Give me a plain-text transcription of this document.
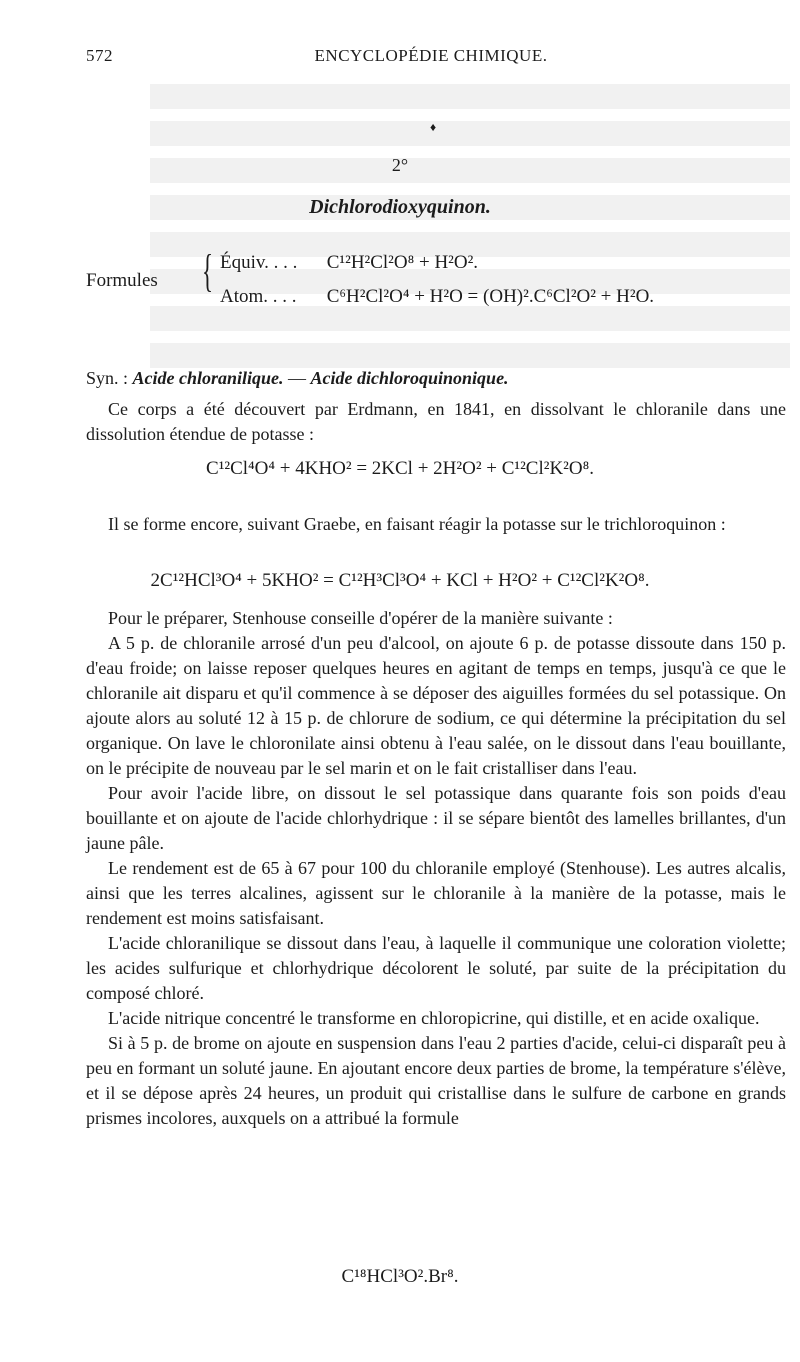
ENCYCLOPÉDIE CHIMIQUE.
572
♦
2°
Dichlorodioxyquinon.
Formules { Équiv. . . . C¹²H²Cl²O⁸ + H²O².
Atom. . . . C⁶H²Cl²O⁴ + H²O = (OH)².C⁶Cl²O² + H²O.
Syn. : Acide chloranilique. — Acide dichloroquinonique.

Ce corps a été découvert par Erdmann, en 1841, en dissolvant le chloranile dans une dissolution étendue de potasse :

C¹²Cl⁴O⁴ + 4KHO² = 2KCl + 2H²O² + C¹²Cl²K²O⁸.

Il se forme encore, suivant Graebe, en faisant réagir la potasse sur le trichloroquinon :

2C¹²HCl³O⁴ + 5KHO² = C¹²H³Cl³O⁴ + KCl + H²O² + C¹²Cl²K²O⁸.

Pour le préparer, Stenhouse conseille d'opérer de la manière suivante :

A 5 p. de chloranile arrosé d'un peu d'alcool, on ajoute 6 p. de potasse dissoute dans 150 p. d'eau froide; on laisse reposer quelques heures en agitant de temps en temps, jusqu'à ce que le chloranile ait disparu et qu'il commence à se déposer des aiguilles formées du sel potassique. On ajoute alors au soluté 12 à 15 p. de chlorure de sodium, ce qui détermine la précipitation du sel organique. On lave le chloronilate ainsi obtenu à l'eau salée, on le dissout dans l'eau bouillante, on le précipite de nouveau par le sel marin et on le fait cristalliser dans l'eau.

Pour avoir l'acide libre, on dissout le sel potassique dans quarante fois son poids d'eau bouillante et on ajoute de l'acide chlorhydrique : il se sépare bientôt des lamelles brillantes, d'un jaune pâle.

Le rendement est de 65 à 67 pour 100 du chloranile employé (Stenhouse). Les autres alcalis, ainsi que les terres alcalines, agissent sur le chloranile à la manière de la potasse, mais le rendement est moins satisfaisant.

L'acide chloranilique se dissout dans l'eau, à laquelle il communique une coloration violette; les acides sulfurique et chlorhydrique décolorent le soluté, par suite de la précipitation du composé chloré.

L'acide nitrique concentré le transforme en chloropicrine, qui distille, et en acide oxalique.

Si à 5 p. de brome on ajoute en suspension dans l'eau 2 parties d'acide, celui-ci disparaît peu à peu en formant un soluté jaune. En ajoutant encore deux parties de brome, la température s'élève, et il se dépose après 24 heures, un produit qui cristallise dans le sulfure de carbone en grands prismes incolores, auxquels on a attribué la formule

C¹⁸HCl³O².Br⁸.
